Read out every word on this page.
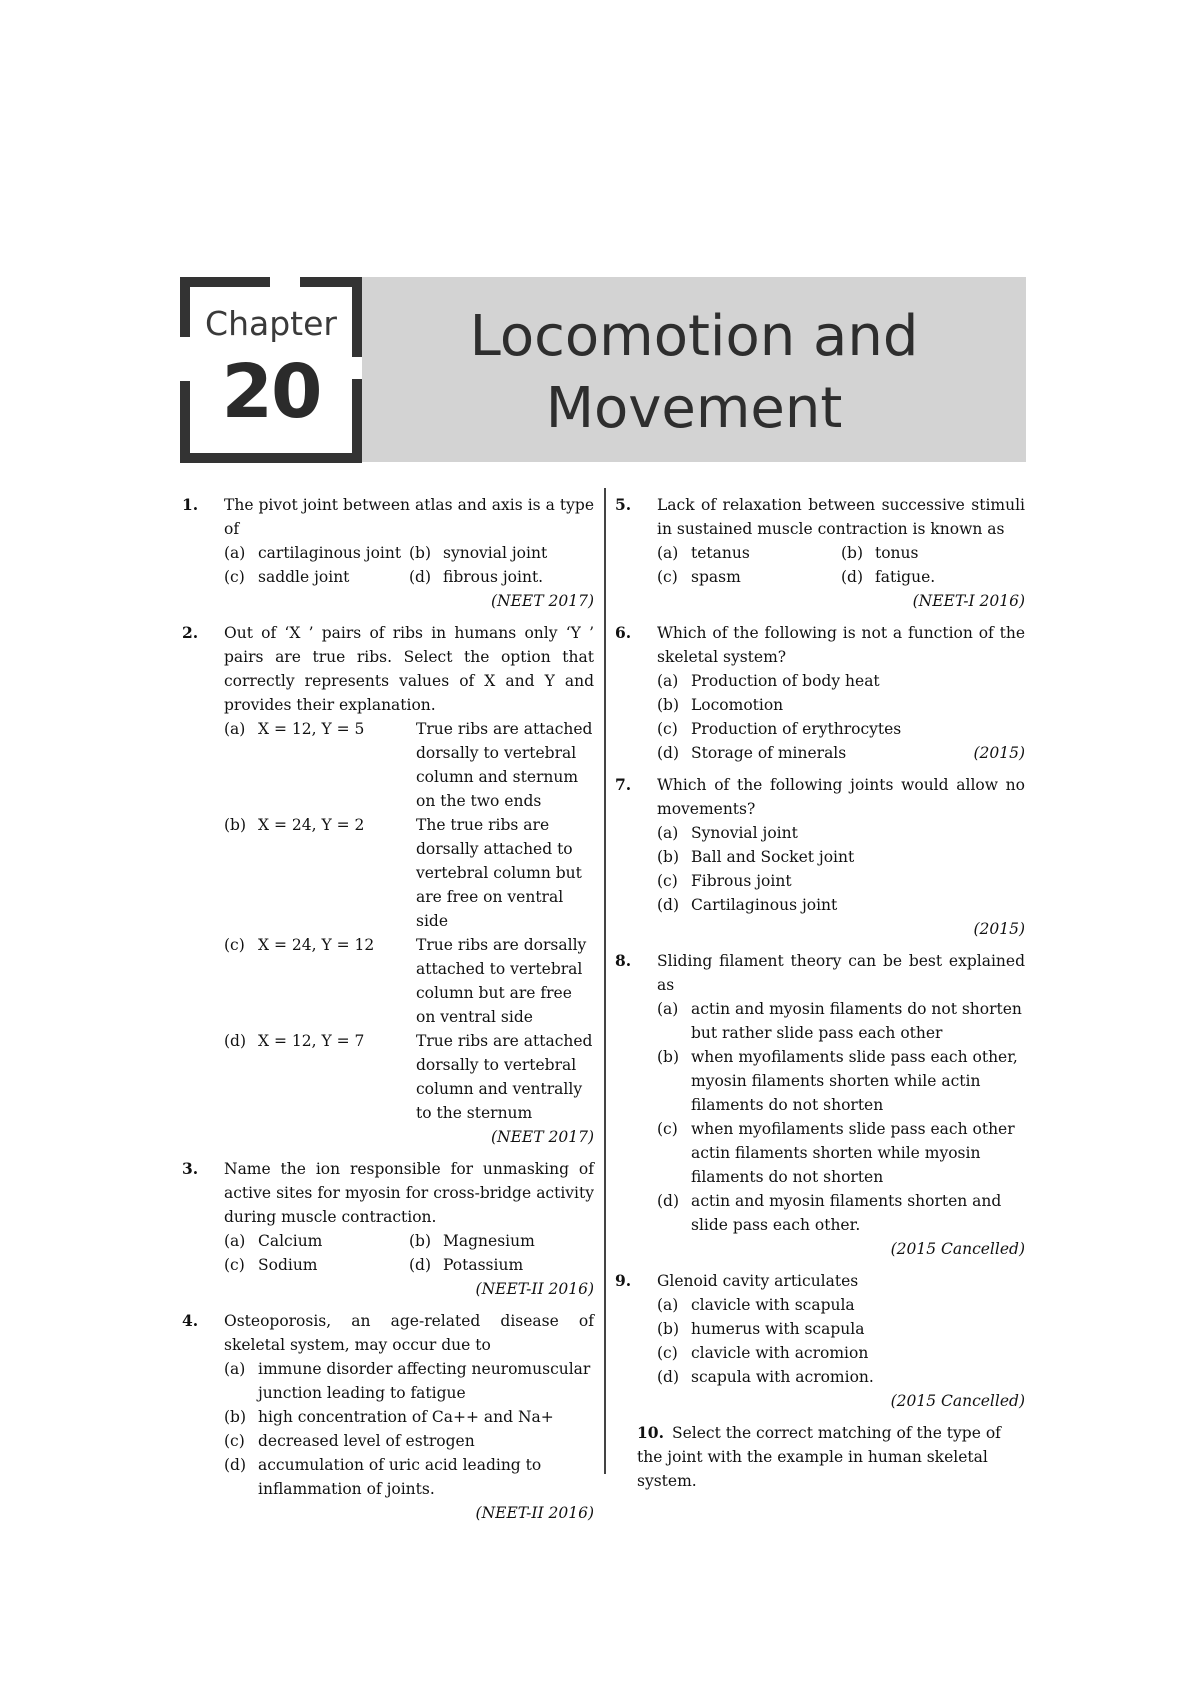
Chapter
20
Locomotion and
Movement
1. The pivot joint between atlas and axis is a type of
(a) cartilaginous joint (b) synovial joint
(c) saddle joint	(d) fibrous joint.
(NEET 2017)
2. Out of ‘X ’ pairs of ribs in humans only ‘Y ’ pairs are true ribs. Select the option that correctly represents values of X and Y and provides their explanation.
(a) X = 12, Y = 5	True ribs are attached dorsally to vertebral column and sternum on the two ends
(b) X = 24, Y = 2	The true ribs are dorsally attached to vertebral column but are free on ventral side
(c) X = 24, Y = 12	True ribs are dorsally attached to vertebral column but are free on ventral side
(d) X = 12, Y = 7	True ribs are attached dorsally to vertebral column and ventrally to the sternum
(NEET 2017)
3. Name the ion responsible for unmasking of active sites for myosin for cross-bridge activity during muscle contraction.
(a) Calcium	(b) Magnesium
(c) Sodium	(d) Potassium
(NEET-II 2016)
4. Osteoporosis, an age-related disease of skeletal system, may occur due to
(a) immune disorder affecting neuromuscular junction leading to fatigue
(b) high concentration of Ca++ and Na+
(c) decreased level of estrogen
(d) accumulation of uric acid leading to inflammation of joints.
(NEET-II 2016)
5. Lack of relaxation between successive stimuli in sustained muscle contraction is known as
(a) tetanus	(b) tonus
(c) spasm	(d) fatigue.
(NEET-I 2016)
6. Which of the following is not a function of the skeletal system?
(a) Production of body heat
(b) Locomotion
(c) Production of erythrocytes
(d) Storage of minerals	(2015)
7. Which of the following joints would allow no movements?
(a) Synovial joint
(b) Ball and Socket joint
(c) Fibrous joint
(d) Cartilaginous joint
(2015)
8. Sliding filament theory can be best explained as
(a) actin and myosin filaments do not shorten but rather slide pass each other
(b) when myofilaments slide pass each other, myosin filaments shorten while actin filaments do not shorten
(c) when myofilaments slide pass each other actin filaments shorten while myosin filaments do not shorten
(d) actin and myosin filaments shorten and slide pass each other.
(2015 Cancelled)
9. Glenoid cavity articulates
(a) clavicle with scapula
(b) humerus with scapula
(c) clavicle with acromion
(d) scapula with acromion.
(2015 Cancelled)
10. Select the correct matching of the type of the joint with the example in human skeletal system.
